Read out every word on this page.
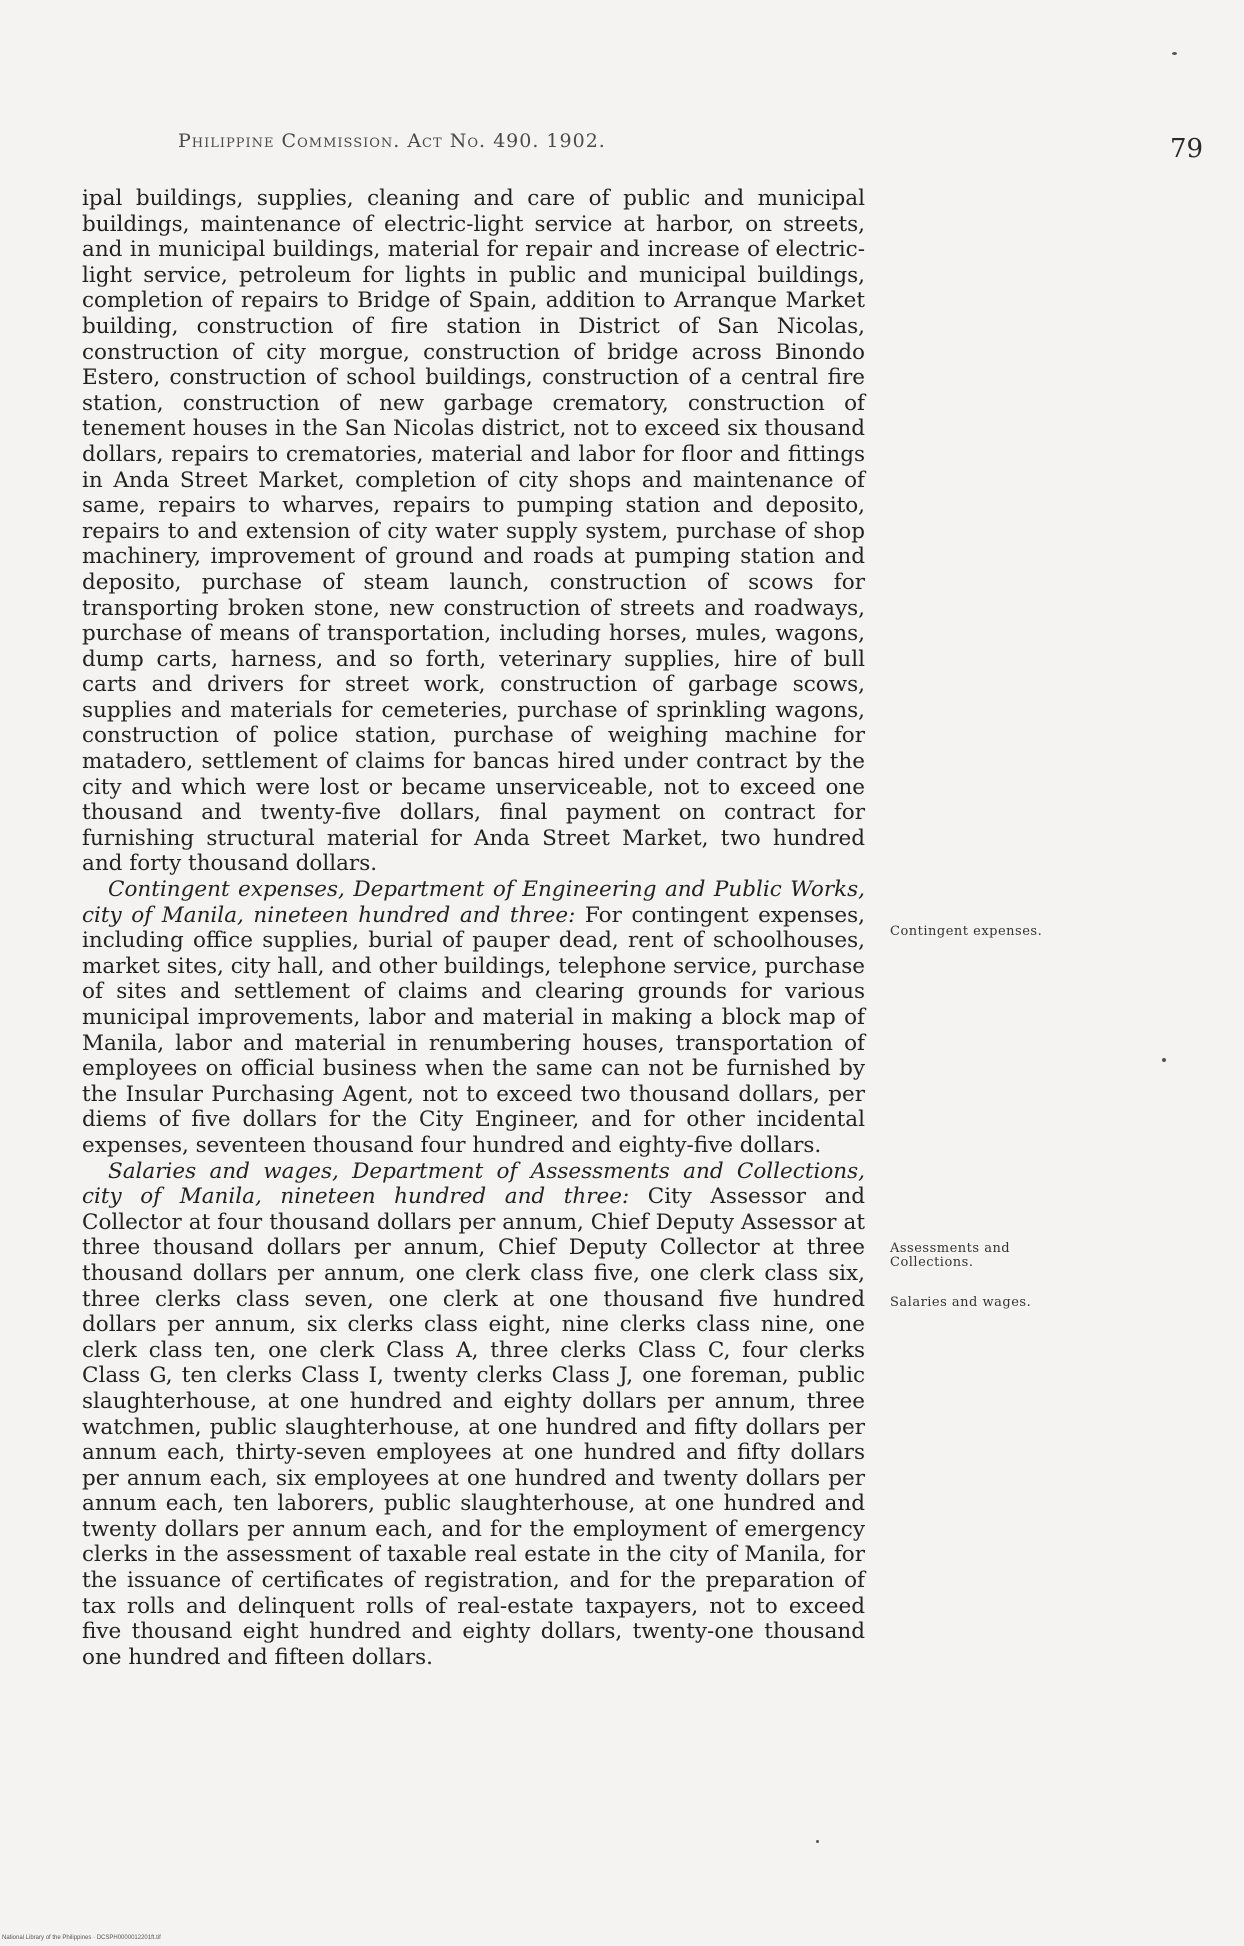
Philippine Commission. Act No. 490. 1902.	79

ipal buildings, supplies, cleaning and care of public and municipal buildings, maintenance of electric-light service at harbor, on streets, and in municipal buildings, material for repair and increase of electric-light service, petroleum for lights in public and municipal buildings, completion of repairs to Bridge of Spain, addition to Arranque Market building, construction of fire station in District of San Nicolas, construction of city morgue, construction of bridge across Binondo Estero, construction of school buildings, construction of a central fire station, construction of new garbage crematory, construction of tenement houses in the San Nicolas district, not to exceed six thousand dollars, repairs to crematories, material and labor for floor and fittings in Anda Street Market, completion of city shops and maintenance of same, repairs to wharves, repairs to pumping station and deposito, repairs to and extension of city water supply system, purchase of shop machinery, improvement of ground and roads at pumping station and deposito, purchase of steam launch, construction of scows for transporting broken stone, new construction of streets and roadways, purchase of means of transportation, including horses, mules, wagons, dump carts, harness, and so forth, veterinary supplies, hire of bull carts and drivers for street work, construction of garbage scows, supplies and materials for cemeteries, purchase of sprinkling wagons, construction of police station, purchase of weighing machine for matadero, settlement of claims for bancas hired under contract by the city and which were lost or became unserviceable, not to exceed one thousand and twenty-five dollars, final payment on contract for furnishing structural material for Anda Street Market, two hundred and forty thousand dollars.

Contingent expenses, Department of Engineering and Public Works, city of Manila, nineteen hundred and three: For contingent expenses, including office supplies, burial of pauper dead, rent of schoolhouses, market sites, city hall, and other buildings, telephone service, purchase of sites and settlement of claims and clearing grounds for various municipal improvements, labor and material in making a block map of Manila, labor and material in renumbering houses, transportation of employees on official business when the same can not be furnished by the Insular Purchasing Agent, not to exceed two thousand dollars, per diems of five dollars for the City Engineer, and for other incidental expenses, seventeen thousand four hundred and eighty-five dollars.

Salaries and wages, Department of Assessments and Collections, city of Manila, nineteen hundred and three: City Assessor and Collector at four thousand dollars per annum, Chief Deputy Assessor at three thousand dollars per annum, Chief Deputy Collector at three thousand dollars per annum, one clerk class five, one clerk class six, three clerks class seven, one clerk at one thousand five hundred dollars per annum, six clerks class eight, nine clerks class nine, one clerk class ten, one clerk Class A, three clerks Class C, four clerks Class G, ten clerks Class I, twenty clerks Class J, one foreman, public slaughterhouse, at one hundred and eighty dollars per annum, three watchmen, public slaughterhouse, at one hundred and fifty dollars per annum each, thirty-seven employees at one hundred and fifty dollars per annum each, six employees at one hundred and twenty dollars per annum each, ten laborers, public slaughterhouse, at one hundred and twenty dollars per annum each, and for the employment of emergency clerks in the assessment of taxable real estate in the city of Manila, for the issuance of certificates of registration, and for the preparation of tax rolls and delinquent rolls of real-estate taxpayers, not to exceed five thousand eight hundred and eighty dollars, twenty-one thousand one hundred and fifteen dollars.

Contingent expenses.
Assessments and Collections.
Salaries and wages.
National Library of the Philippines · DCSPH0000012201ft.tif
